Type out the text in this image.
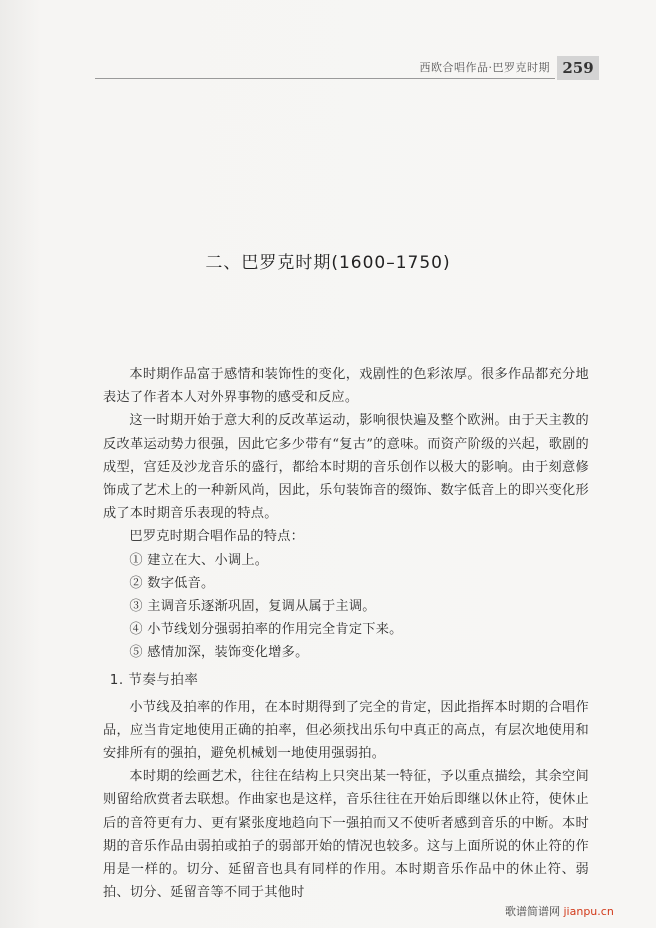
西欧合唱作品·巴罗克时期 259
二、巴罗克时期(1600–1750)

本时期作品富于感情和装饰性的变化，戏剧性的色彩浓厚。很多作品都充分地表达了作者本人对外界事物的感受和反应。

这一时期开始于意大利的反改革运动，影响很快遍及整个欧洲。由于天主教的反改革运动势力很强，因此它多少带有“复古”的意味。而资产阶级的兴起，歌剧的成型，宫廷及沙龙音乐的盛行，都给本时期的音乐创作以极大的影响。由于刻意修饰成了艺术上的一种新风尚，因此，乐句装饰音的缀饰、数字低音上的即兴变化形成了本时期音乐表现的特点。

巴罗克时期合唱作品的特点：

① 建立在大、小调上。

② 数字低音。

③ 主调音乐逐渐巩固，复调从属于主调。

④ 小节线划分强弱拍率的作用完全肯定下来。

⑤ 感情加深，装饰变化增多。

1. 节奏与拍率

小节线及拍率的作用，在本时期得到了完全的肯定，因此指挥本时期的合唱作品，应当肯定地使用正确的拍率，但必须找出乐句中真正的高点，有层次地使用和安排所有的强拍，避免机械划一地使用强弱拍。

本时期的绘画艺术，往往在结构上只突出某一特征，予以重点描绘，其余空间则留给欣赏者去联想。作曲家也是这样，音乐往往在开始后即继以休止符，使休止后的音符更有力、更有紧张度地趋向下一强拍而又不使听者感到音乐的中断。本时期的音乐作品由弱拍或拍子的弱部开始的情况也较多。这与上面所说的休止符的作用是一样的。切分、延留音也具有同样的作用。本时期音乐作品中的休止符、弱拍、切分、延留音等不同于其他时

歌谱简谱网 jianpu.cn
